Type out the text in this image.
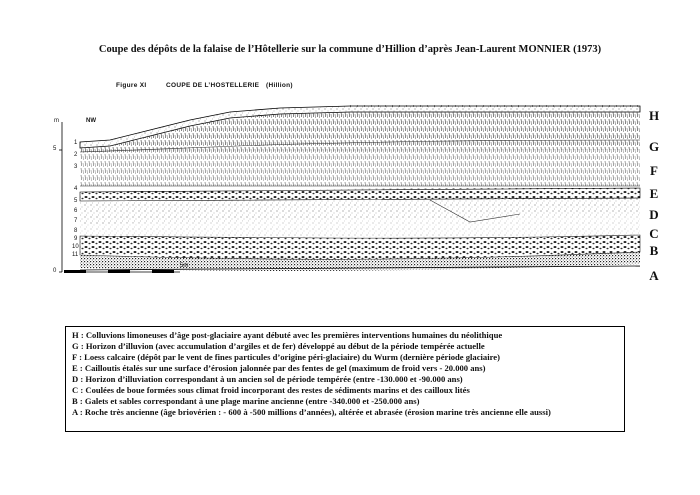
Coupe des dépôts de la falaise de l’Hôtellerie sur la commune d’Hillion d’après Jean-Laurent MONNIER (1973)
Figure XI	COUPE DE L’HOSTELLERIE (Hillion)
m
5
0
NW
5m
1
2
3
4
5
6
7
8
9
10
11
H
G
F
E
D
C
B
A
H : Colluvions limoneuses d’âge post-glaciaire ayant débuté avec les premières interventions humaines du néolithique
G : Horizon d’illuvion (avec accumulation d’argiles et de fer) développé au début de la période tempérée actuelle
F : Loess calcaire (dépôt par le vent de fines particules d’origine péri-glaciaire) du Wurm (dernière période glaciaire)
E : Cailloutis étalés sur une surface d’érosion jalonnée par des fentes de gel (maximum de froid vers - 20.000 ans)
D : Horizon d’illuviation correspondant à un ancien sol de période tempérée (entre -130.000 et -90.000 ans)
C : Coulées de boue formées sous climat froid incorporant des restes de sédiments marins et des cailloux lités
B : Galets et sables correspondant à une plage marine ancienne (entre -340.000 et -250.000 ans)
A : Roche très ancienne (âge briovérien : - 600 à -500 millions d’années), altérée et abrasée (érosion marine très ancienne elle aussi)
